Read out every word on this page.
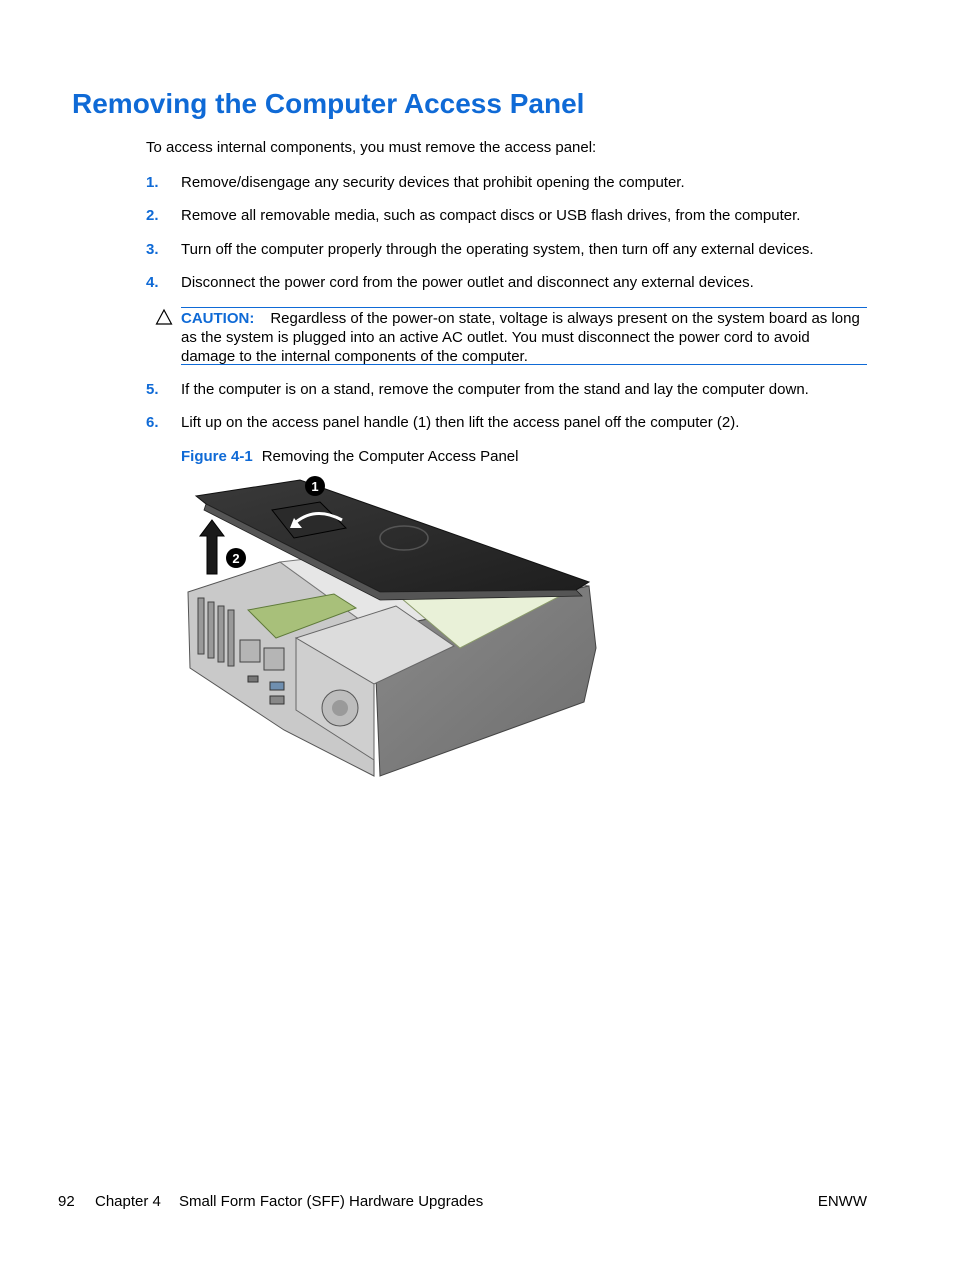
Removing the Computer Access Panel

To access internal components, you must remove the access panel:

1. Remove/disengage any security devices that prohibit opening the computer.
2. Remove all removable media, such as compact discs or USB flash drives, from the computer.
3. Turn off the computer properly through the operating system, then turn off any external devices.
4. Disconnect the power cord from the power outlet and disconnect any external devices.
CAUTION: Regardless of the power-on state, voltage is always present on the system board as long as the system is plugged into an active AC outlet. You must disconnect the power cord to avoid damage to the internal components of the computer.
5. If the computer is on a stand, remove the computer from the stand and lay the computer down.
6. Lift up on the access panel handle (1) then lift the access panel off the computer (2).
Figure 4-1 Removing the Computer Access Panel
1
2
92 Chapter 4 Small Form Factor (SFF) Hardware Upgrades	ENWW
